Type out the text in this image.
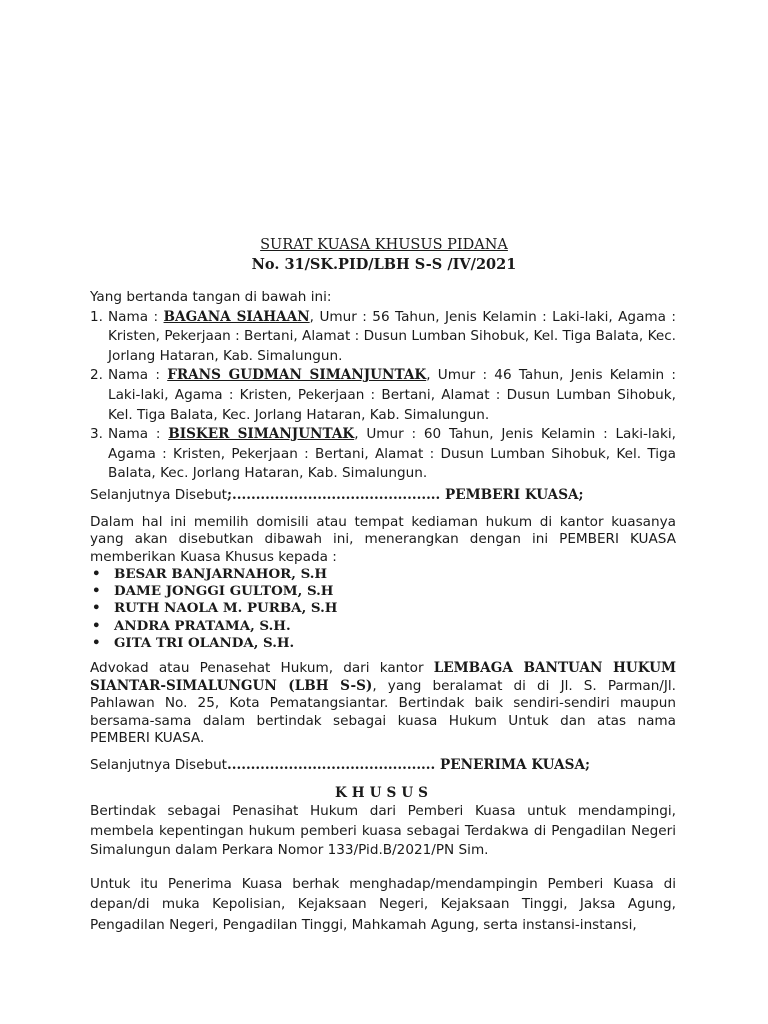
SURAT KUASA KHUSUS PIDANA
No. 31/SK.PID/LBH S-S /IV/2021

Yang bertanda tangan di bawah ini:

1. Nama : BAGANA SIAHAAN, Umur : 56 Tahun, Jenis Kelamin : Laki-laki, Agama : Kristen, Pekerjaan : Bertani, Alamat : Dusun Lumban Sihobuk, Kel. Tiga Balata, Kec. Jorlang Hataran, Kab. Simalungun.
2. Nama : FRANS GUDMAN SIMANJUNTAK, Umur : 46 Tahun, Jenis Kelamin : Laki-laki, Agama : Kristen, Pekerjaan : Bertani, Alamat : Dusun Lumban Sihobuk, Kel. Tiga Balata, Kec. Jorlang Hataran, Kab. Simalungun.
3. Nama : BISKER SIMANJUNTAK, Umur : 60 Tahun, Jenis Kelamin : Laki-laki, Agama : Kristen, Pekerjaan : Bertani, Alamat : Dusun Lumban Sihobuk, Kel. Tiga Balata, Kec. Jorlang Hataran, Kab. Simalungun.
Selanjutnya Disebut;............................................ PEMBERI KUASA;

Dalam hal ini memilih domisili atau tempat kediaman hukum di kantor kuasanya yang akan disebutkan dibawah ini, menerangkan dengan ini PEMBERI KUASA memberikan Kuasa Khusus kepada :

• BESAR BANJARNAHOR, S.H
• DAME JONGGI GULTOM, S.H
• RUTH NAOLA M. PURBA, S.H
• ANDRA PRATAMA, S.H.
• GITA TRI OLANDA, S.H.

Advokad atau Penasehat Hukum, dari kantor LEMBAGA BANTUAN HUKUM SIANTAR-SIMALUNGUN (LBH S-S), yang beralamat di di Jl. S. Parman/Jl. Pahlawan No. 25, Kota Pematangsiantar. Bertindak baik sendiri-sendiri maupun bersama-sama dalam bertindak sebagai kuasa Hukum Untuk dan atas nama PEMBERI KUASA.

Selanjutnya Disebut............................................ PENERIMA KUASA;
KHUSUS

Bertindak sebagai Penasihat Hukum dari Pemberi Kuasa untuk mendampingi, membela kepentingan hukum pemberi kuasa sebagai Terdakwa di Pengadilan Negeri Simalungun dalam Perkara Nomor 133/Pid.B/2021/PN Sim.

Untuk itu Penerima Kuasa berhak menghadap/mendampingin Pemberi Kuasa di depan/di muka Kepolisian, Kejaksaan Negeri, Kejaksaan Tinggi, Jaksa Agung, Pengadilan Negeri, Pengadilan Tinggi, Mahkamah Agung, serta instansi-instansi,
